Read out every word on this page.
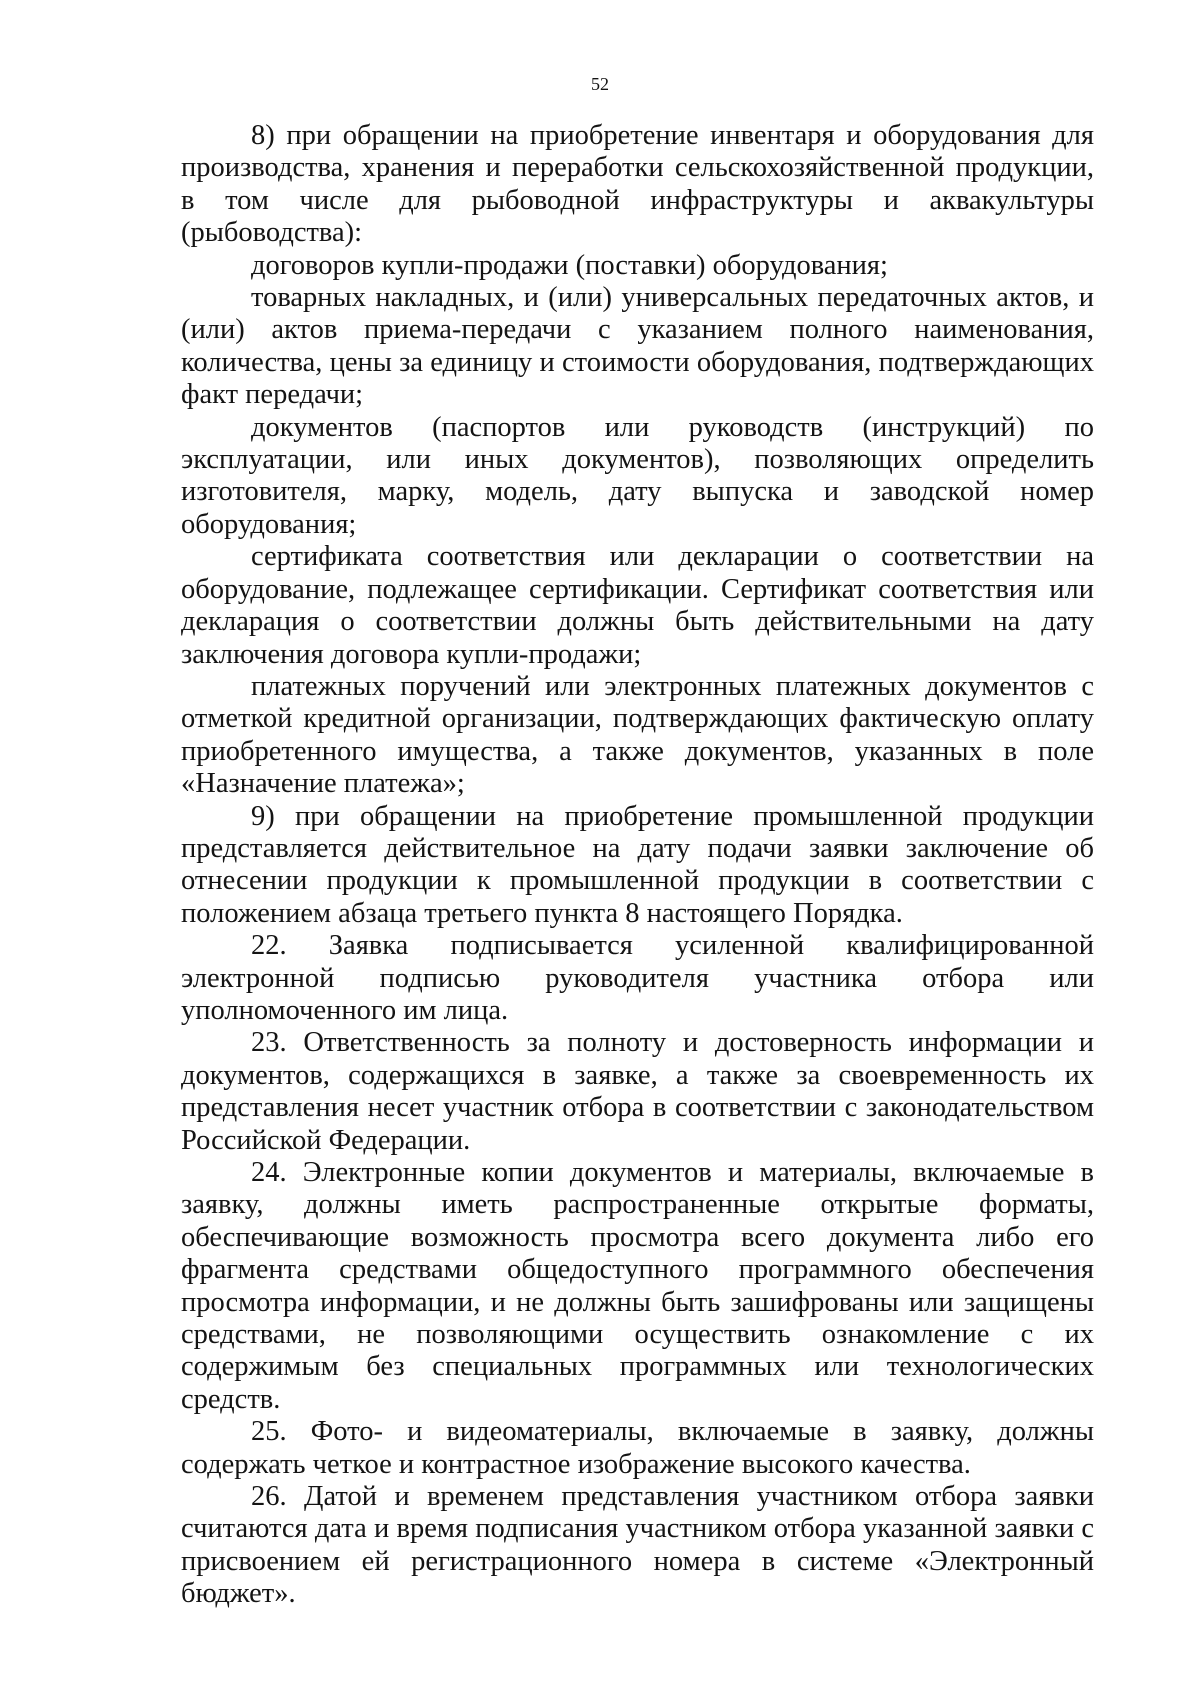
52

8) при обращении на приобретение инвентаря и оборудования для производства, хранения и переработки сельскохозяйственной продукции, в том числе для рыбоводной инфраструктуры и аквакультуры (рыбоводства):

договоров купли-продажи (поставки) оборудования;

товарных накладных, и (или) универсальных передаточных актов, и (или) актов приема-передачи с указанием полного наименования, количества, цены за единицу и стоимости оборудования, подтверждающих факт передачи;

документов (паспортов или руководств (инструкций) по эксплуатации, или иных документов), позволяющих определить изготовителя, марку, модель, дату выпуска и заводской номер оборудования;

сертификата соответствия или декларации о соответствии на оборудование, подлежащее сертификации. Сертификат соответствия или декларация о соответствии должны быть действительными на дату заключения договора купли-продажи;

платежных поручений или электронных платежных документов с отметкой кредитной организации, подтверждающих фактическую оплату приобретенного имущества, а также документов, указанных в поле «Назначение платежа»;

9) при обращении на приобретение промышленной продукции представляется действительное на дату подачи заявки заключение об отнесении продукции к промышленной продукции в соответствии с положением абзаца третьего пункта 8 настоящего Порядка.

22. Заявка подписывается усиленной квалифицированной электронной подписью руководителя участника отбора или уполномоченного им лица.

23. Ответственность за полноту и достоверность информации и документов, содержащихся в заявке, а также за своевременность их представления несет участник отбора в соответствии с законодательством Российской Федерации.

24. Электронные копии документов и материалы, включаемые в заявку, должны иметь распространенные открытые форматы, обеспечивающие возможность просмотра всего документа либо его фрагмента средствами общедоступного программного обеспечения просмотра информации, и не должны быть зашифрованы или защищены средствами, не позволяющими осуществить ознакомление с их содержимым без специальных программных или технологических средств.

25. Фото- и видеоматериалы, включаемые в заявку, должны содержать четкое и контрастное изображение высокого качества.

26. Датой и временем представления участником отбора заявки считаются дата и время подписания участником отбора указанной заявки с присвоением ей регистрационного номера в системе «Электронный бюджет».
